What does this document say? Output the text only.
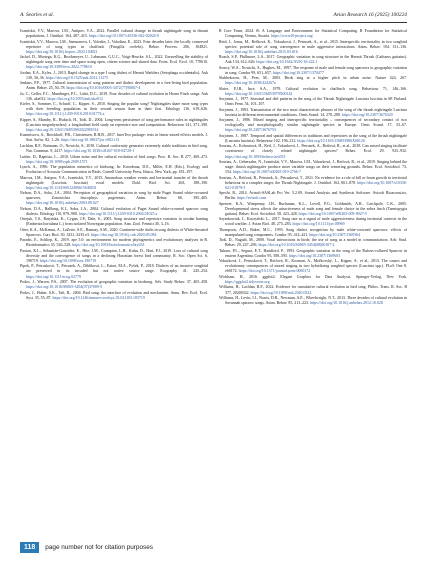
A. Searles et al.	Avian Research 16 (2025) 100224

Ivanitskii, V.V., Marova, I.M., Antipov, V.A., 2022. Parallel cultural change in thrush nightingale song in distant populations. J. Ornithol. 164, 407–415. https://doi.org/10.1007/s10336-022-02024-0

Ivanitskii, V.V., Marova, I.M., Samsonova, I., Volodin, I., Volodina, E., 2023. Four decades later: the locally conserved repertoire of song types in chaffinch (Fringilla coelebs). Behav. Process. 206, 104821. https://doi.org/10.1016/j.beproc.2023.104821

Jackel, D., Mortega, K.G., Brockmeyer, U., Lehmann, G.U.C., Voigt-Heucke, S.L., 2022. Unravelling the stability of nightingale song over time and space using open, citizen science and shared data. Front. Ecol. Evol. 10, 778610. https://doi.org/10.3389/fevo.2022.778610

Jordan, E.A., Kyles, J., 2013. Rapid change in a type I song dialect of Hermit Warblers (Setophaga occidentalis). Auk 130, 30–36. https://doi.org/10.1525/auk.2012.11275

Jenkins, P.F., 1977. Cultural transmission of song patterns and dialect development in a free-living bird population. Anim. Behav. 25, 50–78. https://doi.org/10.1016/0003-3472(77)90067-4

Ju, C., Geller, F.C., Mundinger, P.C., Lahti, D.C., 2019. Four decades of cultural evolution in House Finch songs. Auk 136, ukz012. https://doi.org/10.1093/auk/ukz012

Kiefer, S., Sommer, C., Scharff, C., Kipper, S., 2010. Singing the popular song? Nightingales share more song types with their breeding population in their second season than in their first. Ethology 116, 619–626. https://doi.org/10.1111/j.1439-0310.2010.01774.x

Kipper, S., Mundry, R., Hultsch, H., Todt, D., 2004. Long-term persistence of song performance rules in nightingales (Luscinia megarhynchos): a longitudinal field study on repertoire size and composition. Behaviour 141, 371–390. https://doi.org/10.1163/156853904322981914

Kuznetsova, A., Brockhoff, P.B., Christensen, R.H.B., 2017. lmerTest package: tests in linear mixed effects models. J. Stat. Softw. 82, 1–26. https://doi.org/10.18637/jss.v082.i13

Lachlan, R.F., Ratmann, O., Nowicki, S., 2018. Cultural conformity generates extremely stable traditions in bird song. Nat. Commun. 9, 2417. https://doi.org/10.1038/s41467-018-04728-1

Luther, D., Baptista, L., 2010. Urban noise and the cultural evolution of bird songs. Proc. R. Soc. B 277, 469–473. https://doi.org/10.1098/rspb.2009.1571

Lynch, A., 1996. The population memetics of birdsong. In: Kroodsma, D.E., Miller, E.H. (Eds.), Ecology and Evolution of Acoustic Communication in Birds. Cornell University Press, Ithaca, New York, pp. 181–197.

Marova, I.M., Antipov, V.A., Ivanitskii, V.V., 2015. Anomalous weather events and horizontal transfer of the thrush nightingale (Luscinia luscinia) vocal models. Dokl. Biol. Sci. 463, 188–190. https://doi.org/10.1134/S0012496615040031

Nelson, D.A., Soha, J.A., 2004. Perception of geographical variation in song by male Puget Sound white-crowned sparrows, Zonotrichia leucophrys pugetensis. Anim. Behav. 68, 395–405. https://doi.org/10.1016/j.anbehav.2003.08.027

Nelson, D.A., Hallberg, K.I., Soha, J.A., 2004. Cultural evolution of Puget Sound white-crowned sparrow song dialects. Ethology 110, 879–908. https://doi.org/10.1111/j.1439-0310.2004.01025.x

Osiejuk, T.S., Ratyńska, K., Cygan, J.P., Dale, S., 2003. Song structure and repertoire variation in ortolan bunting (Emberiza hortulana L.) from isolated Norwegian population. Ann. Zool. Fennici 40, 3–16.

Otter, K.A., McKenna, A., LaZerte, S.E., Ramsay, S.M., 2020. Continent-wide shifts in song dialects of White-throated Sparrows. Curr. Biol. 30, 3231–3235.e3. https://doi.org/10.1016/j.cub.2020.05.084

Paradis, E., Schliep, K., 2019. ape 5.0: an environment for modern phylogenetics and evolutionary analyses in R. Bioinformatics 35, 526–528. https://doi.org/10.1093/bioinformatics/bty633

Paxton, K.L., Sebastián-González, E., Hite, J.M., Crampton, L.H., Kuhn, D., Hart, P.J., 2019. Loss of cultural song diversity and the convergence of songs in a declining Hawaiian forest bird community. R. Soc. Open Sci. 6, 190719. https://doi.org/10.1098/rsos.190719

Pipek, P., Petrusková, T., Petrusek, A., Diblíková, L., Eaton, M.A., Pyšek, P., 2018. Dialects of an invasive songbird are preserved in its invaded but not native source range. Ecography 41, 245–254. https://doi.org/10.1111/ecog.02779

Podos, J., Warren, P.S., 2007. The evolution of geographic variation in birdsong. Adv. Study Behav. 37, 403–458. https://doi.org/10.1016/S0065-3454(07)37009-5

Podos, J., Huber, S.K., Taft, B., 2004. Bird song: the interface of evolution and mechanism. Annu. Rev. Ecol. Evol. Syst. 35, 55–87. https://doi.org/10.1146/annurev.ecolsys.35.021103.105719

R Core Team, 2024. R: A Language and Environment for Statistical Computing. R Foundation for Statistical Computing, Vienna, Austria. https://www.R-project.org/

Reid, J., Jonas, M., Rečková, K., Vokurková, J., Petrusek, A., et al., 2015. Interspecific territoriality in two songbird species: potential role of song convergence in male aggressive interactions. Anim. Behav. 104, 131–136. https://doi.org/10.1016/j.anbehav.2015.03.016

Roach, S.P., Phillmore, L.S., 2017. Geographic variation in song structure in the Hermit Thrush (Catharus guttatus). Auk 134, 612–626. https://doi.org/10.1642/AUK-16-222.1

Searcy, W.A., Nowicki, S., Hughes, M., 1997. The response of male and female song sparrows to geographic variation in song. Condor 99, 651–657. https://doi.org/10.2307/1370477

Slabbekoorn, H., Peet, M., 2003. Birds sing at a higher pitch in urban noise. Nature 424, 267. https://doi.org/10.1038/424267a

Slater, P.J.B., Ince, S.A., 1979. Cultural evolution in chaffinch song. Behaviour 71, 146–166. https://doi.org/10.1163/156853979X00142

Sorjonen, J., 1977. Seasonal and diel patterns in the song of the Thrush Nightingale Luscinia luscinia in SE Finland. Ornis Fenn. 54, 101–107.

Sorjonen, J., 1983. Transmission of the two most characteristic phrases of the song of the thrush nightingale Luscinia luscinia in different environmental conditions. Ornis Scand. 14, 278–288. https://doi.org/10.2307/3676320

Sorjonen, J., 1986. Mixed singing and interspecific territoriality – consequences of secondary contact of two ecologically and morphologically similar nightingale species in Europe. Ornis Scand. 17, 53–67. https://doi.org/10.2307/3676753

Sorjonen, J., 1987. Temporal and spatial differences in traditions and repertoires in the song of the thrush nightingale (Luscinia luscinia). Behaviour 102, 196–212. https://doi.org/10.1163/156853986X00126

Souriau, A., Kohoutová, H., Reif, J., Vokurková, J., Petrusek, A., Reifová, R., et al., 2018. Can mixed singing facilitate coexistence of closely related nightingale species? Behav. Ecol. 29, 925–932. https://doi.org/10.1093/beheco/ary053

Souriau, A., Geberzahn, N., Ivanitskii, V.V., Marova, I.M., Vokurková, J., Reifová, R., et al., 2019. Singing behind the stage: thrush nightingales produce more variable songs on their wintering grounds. Behav. Ecol. Sociobiol. 73, 154. https://doi.org/10.1007/s00265-019-2766-7

Souriau, A., Reifová, R., Petrusek, A., Petrusková, T., 2021. No evidence for a role of bill or brain growth in territorial behaviour in a complex singer, the Thrush Nightingale. J. Ornithol. 162, 861–878. https://doi.org/10.1007/s10336-021-01879-5

Specht, R., 2014. Avisoft-SASLab Pro Ver. 5.2.09. Sound Analysis and Synthesis Software. Avisoft Bioacoustics, Berlin. https://avisoft.com

Spencer, K.A., Wimpenny, J.H., Buchanan, K.L., Lovell, P.G., Goldsmith, A.R., Catchpole, C.K., 2005. Developmental stress affects the attractiveness of male song and female choice in the zebra finch (Taeniopygia guttata). Behav. Ecol. Sociobiol. 58, 423–428. https://doi.org/10.1007/s00265-005-0927-5

Szymkowiak, J., Kuczyński, L., 2017. Song rate as a signal of male aggressiveness during territorial contests in the wood warbler. J. Avian Biol. 48, 275–283. https://doi.org/10.1111/jav.00969

Thompson, A.D., Baker, M.C., 1993. Song dialect recognition by male white-crowned sparrows: effects of manipulated song components. Condor 95, 414–421. https://doi.org/10.2307/1369364

Todt, D., Naguib, M., 2000. Vocal interactions in birds: the use of song as a model in communication. Adv. Stud. Behav. 29, 247–296. https://doi.org/10.1016/S0065-3454(08)60107-2

Tubaro, P.L., Segura, E.T., Handford, P., 1993. Geographic variation in the song of the Rufous-collared Sparrow in eastern Argentina. Condor 95, 588–595. https://doi.org/10.2307/1369603

Vokurková, J., Petrusková, T., Reifová, R., Kozman, A., Mořkovský, L., Kipper, S., et al., 2013. The causes and evolutionary consequences of mixed singing in two hybridizing songbird species (Luscinia spp.). PLoS One 8, e60172. https://doi.org/10.1371/journal.pone.0060172

Wickham, H., 2016. ggplot2: Elegant Graphics for Data Analysis. Springer-Verlag, New York. https://ggplot2.tidyverse.org

Williams, H., Lachlan, R.F., 2022. Evidence for cumulative cultural evolution in bird song. Philos. Trans. R. Soc. B 377, 20200322. https://doi.org/10.1098/rstb.2020.0322

Williams, H., Levin, I.I., Norris, D.R., Newman, A.E., Wheelwright, N.T., 2013. Three decades of cultural evolution in Savannah sparrow songs. Anim. Behav. 85, 213–223. https://doi.org/10.1016/j.anbehav.2012.10.028

118	page number not for citation purposes
